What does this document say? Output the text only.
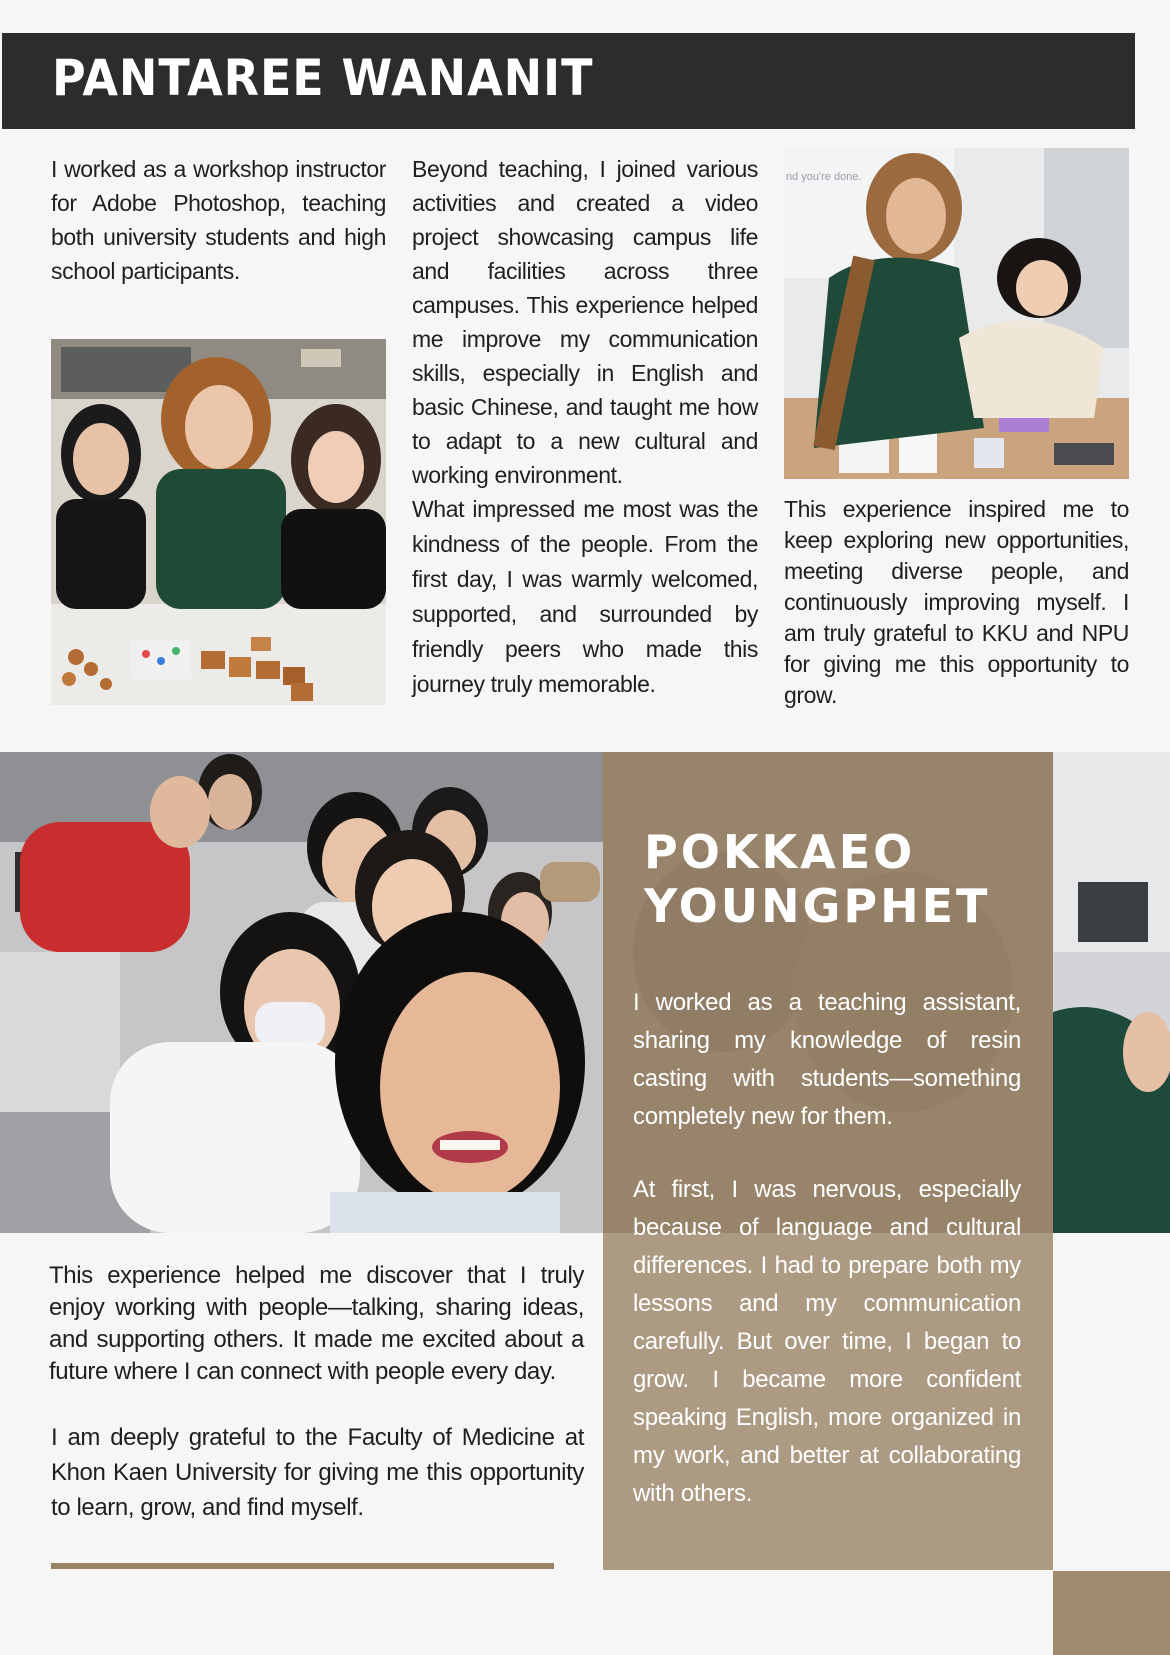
PANTAREE WANANIT
I worked as a workshop instructor for Adobe Photoshop, teaching both university students and high school participants.
Beyond teaching, I joined various activities and created a video project showcasing campus life and facilities across three campuses. This experience helped me improve my communication skills, especially in English and basic Chinese, and taught me how to adapt to a new cultural and working environment.
What impressed me most was the kindness of the people. From the first day, I was warmly welcomed, supported, and surrounded by friendly peers who made this journey truly memorable.
This experience inspired me to keep exploring new opportunities, meeting diverse people, and continuously improving myself. I am truly grateful to KKU and NPU for giving me this opportunity to grow.
nd you're done.
POKKAEO
YOUNGPHET
I worked as a teaching assistant, sharing my knowledge of resin casting with students—something completely new for them.
At first, I was nervous, especially because of language and cultural differences. I had to prepare both my lessons and my communication carefully. But over time, I began to grow. I became more confident speaking English, more organized in my work, and better at collaborating with others.
This experience helped me discover that I truly enjoy working with people—talking, sharing ideas, and supporting others. It made me excited about a future where I can connect with people every day.
I am deeply grateful to the Faculty of Medicine at Khon Kaen University for giving me this opportunity to learn, grow, and find myself.
